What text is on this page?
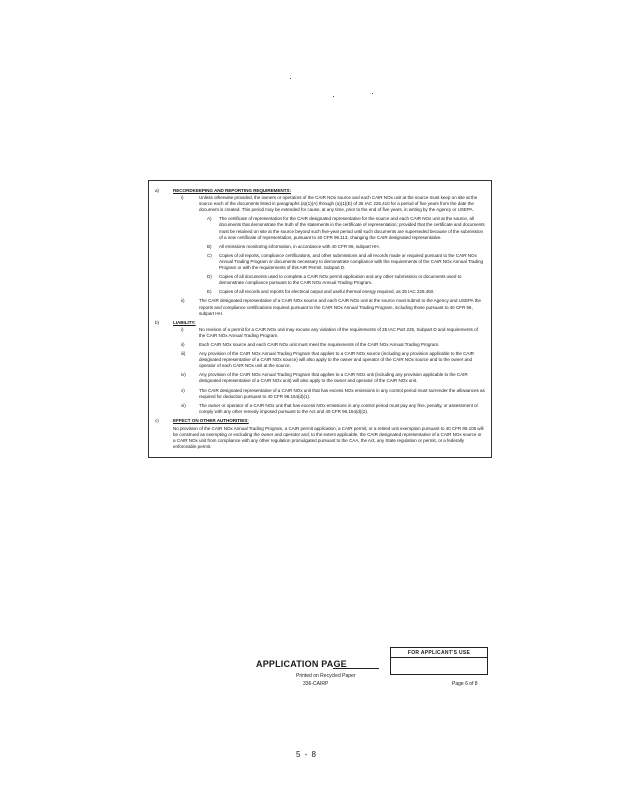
a)	RECORDKEEPING AND REPORTING REQUIREMENTS:
i)	Unless otherwise provided, the owners or operators of the CAIR NOx source and each CAIR NOx unit at the source must keep on site at the source each of the documents listed in paragraphs (a)(1)(A) through (a)(1)(E) of 35 IAC 225.410 for a period of five years from the date the document is created. This period may be extended for cause, at any time, prior to the end of five years, in writing by the Agency or USEPA.
A) The certificate of representation for the CAIR designated representative for the source and each CAIR NOx unit at the source, all documents that demonstrate the truth of the statements in the certificate of representation; provided that the certificate and documents must be retained on site at the source beyond such five-year period until such documents are superseded because of the submission of a new certificate of representation, pursuant to 40 CFR 96.113, changing the CAIR designated representative.
B) All emissions monitoring information, in accordance with 40 CFR 96, subpart HH.
C) Copies of all reports, compliance certifications, and other submissions and all records made or required pursuant to the CAIR NOx Annual Trading Program or documents necessary to demonstrate compliance with the requirements of the CAIR NOx Annual Trading Program or with the requirements of this AIR Permit. Subpart D.
D) Copies of all documents used to complete a CAIR NOx permit application and any other submission or documents used to demonstrate compliance pursuant to the CAIR NOx Annual Trading Program.
E) Copies of all records and reports for electrical output and useful thermal energy required, as 35 IAC 225.450.
ii)	The CAIR designated representative of a CAIR NOx source and each CAIR NOx unit at the source must submit to the Agency and USEPA the reports and compliance certifications required pursuant to the CAIR NOx Annual Trading Program, including those pursuant to 40 CFR 96, subpart HH.
b)	LIABILITY:
i)	No revision of a permit for a CAIR NOx unit may excuse any violation of the requirements of 35 IAC Part 225, Subpart D and requirements of the CAIR NOx Annual Trading Program.
ii)	Each CAIR NOx source and each CAIR NOx unit must meet the requirements of the CAIR NOx Annual Trading Program.
iii)	Any provision of the CAIR NOx Annual Trading Program that applies to a CAIR NOx source (including any provision applicable to the CAIR designated representative of a CAIR NOx source) will also apply to the owner and operator of the CAIR NOx source and to the owner and operator of each CAIR NOx unit at the source.
iv)	Any provision of the CAIR NOx Annual Trading Program that applies to a CAIR NOx unit (including any provision applicable to the CAIR designated representative of a CAIR NOx unit) will also apply to the owner and operator of the CAIR NOx unit.
v)	The CAIR designated representative of a CAIR NOx unit that has excess NOx emissions in any control period must surrender the allowances as required for deduction pursuant to 40 CFR 96.154(d)(1).
vi)	The owner or operator of a CAIR NOx unit that has excess NOx emissions in any control period must pay any fine, penalty, or assessment or comply with any other remedy imposed pursuant to the Act and 40 CFR 96.154(d)(2).
c)	EFFECT ON OTHER AUTHORITIES:
No provision of the CAIR NOx Annual Trading Program, a CAIR permit application, a CAIR permit, or a retired unit exemption pursuant to 40 CFR 96.105 will be construed as exempting or excluding the owner and operator and, to the extent applicable, the CAIR designated representative of a CAIR NOx source or a CAIR NOx unit from compliance with any other regulation promulgated pursuant to the CAA, the Act, any State regulation or permit, or a federally enforceable permit.
APPLICATION PAGE
Printed on Recycled Paper
336-CAIRP
FOR APPLICANT'S USE
Page 6 of 8
5 - 8
